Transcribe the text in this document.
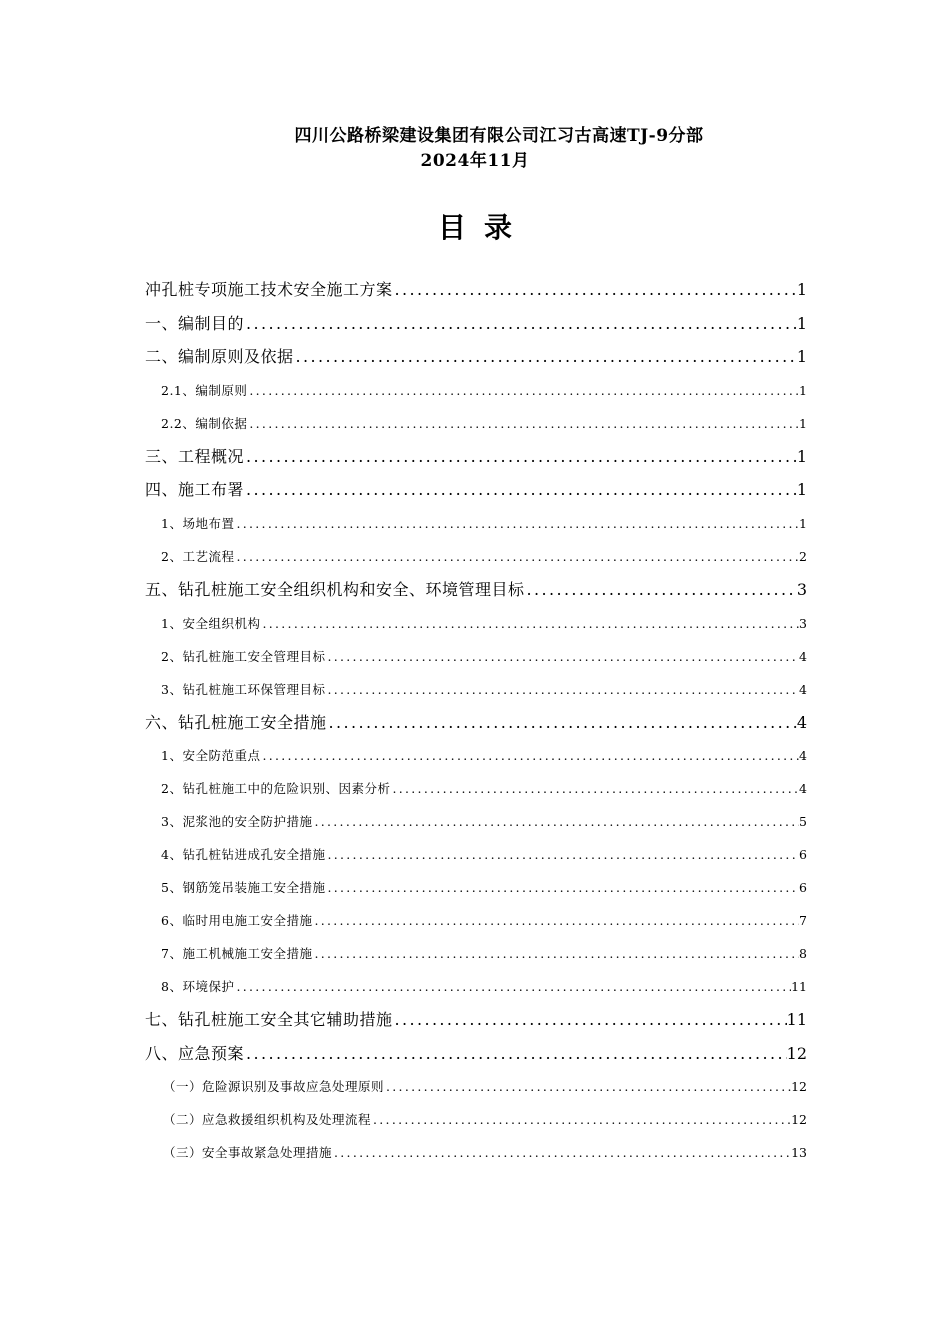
四川公路桥梁建设集团有限公司江习古高速TJ-9分部
2024年11月
目录
冲孔桩专项施工技术安全施工方案 .....	1
一、编制目的 .....	1
二、编制原则及依据 .....	1
2.1、编制原则 .....	1
2.2、编制依据 .....	1
三、工程概况 .....	1
四、施工布署 .....	1
1、场地布置 .....	1
2、工艺流程 .....	2
五、钻孔桩施工安全组织机构和安全、环境管理目标 .....	3
1、安全组织机构 .....	3
2、钻孔桩施工安全管理目标 .....	4
3、钻孔桩施工环保管理目标 .....	4
六、钻孔桩施工安全措施 .....	4
1、安全防范重点 .....	4
2、钻孔桩施工中的危险识别、因素分析 .....	4
3、泥浆池的安全防护措施 .....	5
4、钻孔桩钻进成孔安全措施 .....	6
5、钢筋笼吊装施工安全措施 .....	6
6、临时用电施工安全措施 .....	7
7、施工机械施工安全措施 .....	8
8、环境保护 .....	11
七、钻孔桩施工安全其它辅助措施 .....	11
八、应急预案 .....	12
（一）危险源识别及事故应急处理原则 .....	12
（二）应急救援组织机构及处理流程 .....	12
（三）安全事故紧急处理措施 .....	13
